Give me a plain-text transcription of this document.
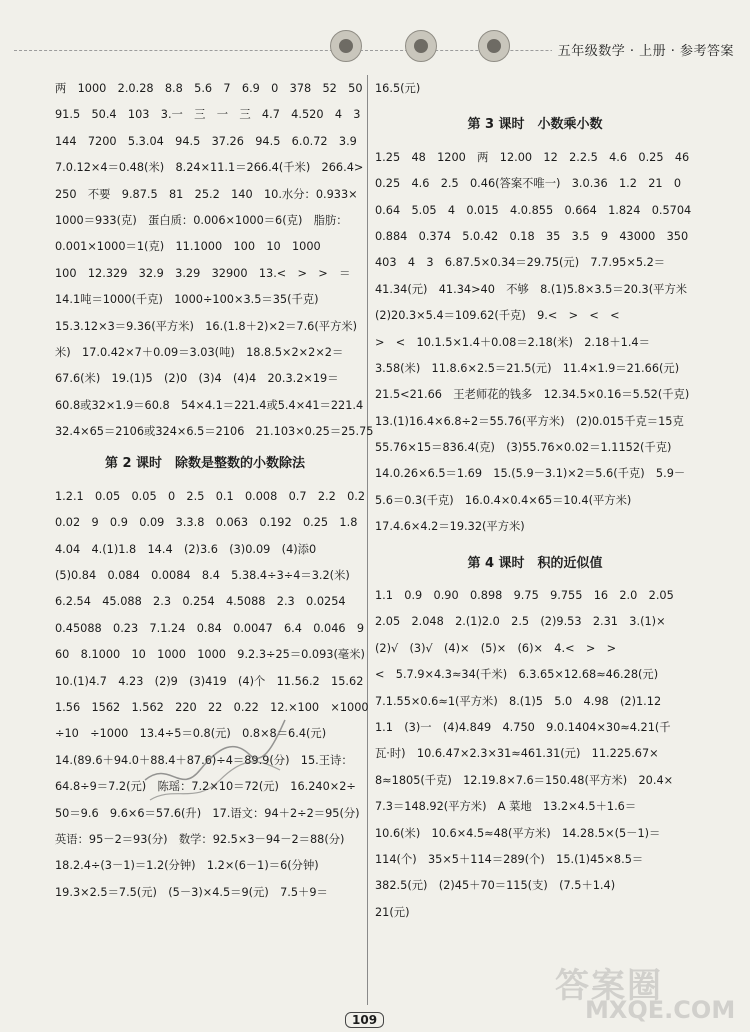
五年级数学 · 上册 · 参考答案
两　1000　2.0.28　8.8　5.6　7　6.9　0　378　52　50
91.5　50.4　103　3.一　三　一　三　4.7　4.520　4　3
144　7200　5.3.04　94.5　37.26　94.5　6.0.72　3.9
7.0.12×4＝0.48(米)　8.24×11.1＝266.4(千米)　266.4>
250　不要　9.87.5　81　25.2　140　10.水分：0.933×
1000＝933(克)　蛋白质：0.006×1000＝6(克)　脂肪：
0.001×1000＝1(克)　11.1000　100　10　1000
100　12.329　32.9　3.29　32900　13.<　>　>　＝
14.1吨＝1000(千克)　1000÷100×3.5＝35(千克)
15.3.12×3＝9.36(平方米)　16.(1.8＋2)×2＝7.6(平方米)
米)　17.0.42×7＋0.09＝3.03(吨)　18.8.5×2×2×2＝
67.6(米)　19.(1)5　(2)0　(3)4　(4)4　20.3.2×19＝
60.8或32×1.9＝60.8　54×4.1＝221.4或5.4×41＝221.4
32.4×65＝2106或324×6.5＝2106　21.103×0.25＝25.75
第 2 课时　除数是整数的小数除法
1.2.1　0.05　0.05　0　2.5　0.1　0.008　0.7　2.2　0.2
0.02　9　0.9　0.09　3.3.8　0.063　0.192　0.25　1.8
4.04　4.(1)1.8　14.4　(2)3.6　(3)0.09　(4)添0
(5)0.84　0.084　0.0084　8.4　5.38.4÷3÷4＝3.2(米)
6.2.54　45.088　2.3　0.254　4.5088　2.3　0.0254
0.45088　0.23　7.1.24　0.84　0.0047　6.4　0.046　9
60　8.1000　10　1000　1000　9.2.3÷25＝0.093(毫米)
10.(1)4.7　4.23　(2)9　(3)419　(4)个　11.56.2　15.62
1.56　1562　1.562　220　22　0.22　12.×100　×1000
÷10　÷1000　13.4÷5＝0.8(元)　0.8×8＝6.4(元)
14.(89.6＋94.0＋88.4＋87.6)÷4＝89.9(分)　15.王诗：
64.8÷9＝7.2(元)　陈瑶：7.2×10＝72(元)　16.240×2÷
50＝9.6　9.6×6＝57.6(升)　17.语文：94＋2÷2＝95(分)
英语：95－2＝93(分)　数学：92.5×3－94－2＝88(分)
18.2.4÷(3－1)＝1.2(分钟)　1.2×(6－1)＝6(分钟)
19.3×2.5＝7.5(元)　(5－3)×4.5＝9(元)　7.5＋9＝
16.5(元)
第 3 课时　小数乘小数
1.25　48　1200　两　12.00　12　2.2.5　4.6　0.25　46
0.25　4.6　2.5　0.46(答案不唯一)　3.0.36　1.2　21　0
0.64　5.05　4　0.015　4.0.855　0.664　1.824　0.5704
0.884　0.374　5.0.42　0.18　35　3.5　9　43000　350
403　4　3　6.87.5×0.34＝29.75(元)　7.7.95×5.2＝
41.34(元)　41.34>40　不够　8.(1)5.8×3.5＝20.3(平方米
(2)20.3×5.4＝109.62(千克)　9.<　>　<　<
>　<　10.1.5×1.4＋0.08＝2.18(米)　2.18＋1.4＝
3.58(米)　11.8.6×2.5＝21.5(元)　11.4×1.9＝21.66(元)
21.5<21.66　王老师花的钱多　12.34.5×0.16＝5.52(千克)
13.(1)16.4×6.8÷2＝55.76(平方米)　(2)0.015千克＝15克
55.76×15＝836.4(克)　(3)55.76×0.02＝1.1152(千克)
14.0.26×6.5＝1.69　15.(5.9－3.1)×2＝5.6(千克)　5.9－
5.6＝0.3(千克)　16.0.4×0.4×65＝10.4(平方米)
17.4.6×4.2＝19.32(平方米)
第 4 课时　积的近似值
1.1　0.9　0.90　0.898　9.75　9.755　16　2.0　2.05
2.05　2.048　2.(1)2.0　2.5　(2)9.53　2.31　3.(1)×
(2)√　(3)√　(4)×　(5)×　(6)×　4.<　>　>
<　5.7.9×4.3≈34(千米)　6.3.65×12.68≈46.28(元)
7.1.55×0.6≈1(平方米)　8.(1)5　5.0　4.98　(2)1.12
1.1　(3)一　(4)4.849　4.750　9.0.1404×30≈4.21(千
瓦·时)　10.6.47×2.3×31≈461.31(元)　11.225.67×
8≈1805(千克)　12.19.8×7.6＝150.48(平方米)　20.4×
7.3＝148.92(平方米)　A 菜地　13.2×4.5＋1.6＝
10.6(米)　10.6×4.5≈48(平方米)　14.28.5×(5－1)＝
114(个)　35×5＋114＝289(个)　15.(1)45×8.5＝
382.5(元)　(2)45＋70＝115(支)　(7.5＋1.4)
21(元)
答案圈
MXQE.COM
109
